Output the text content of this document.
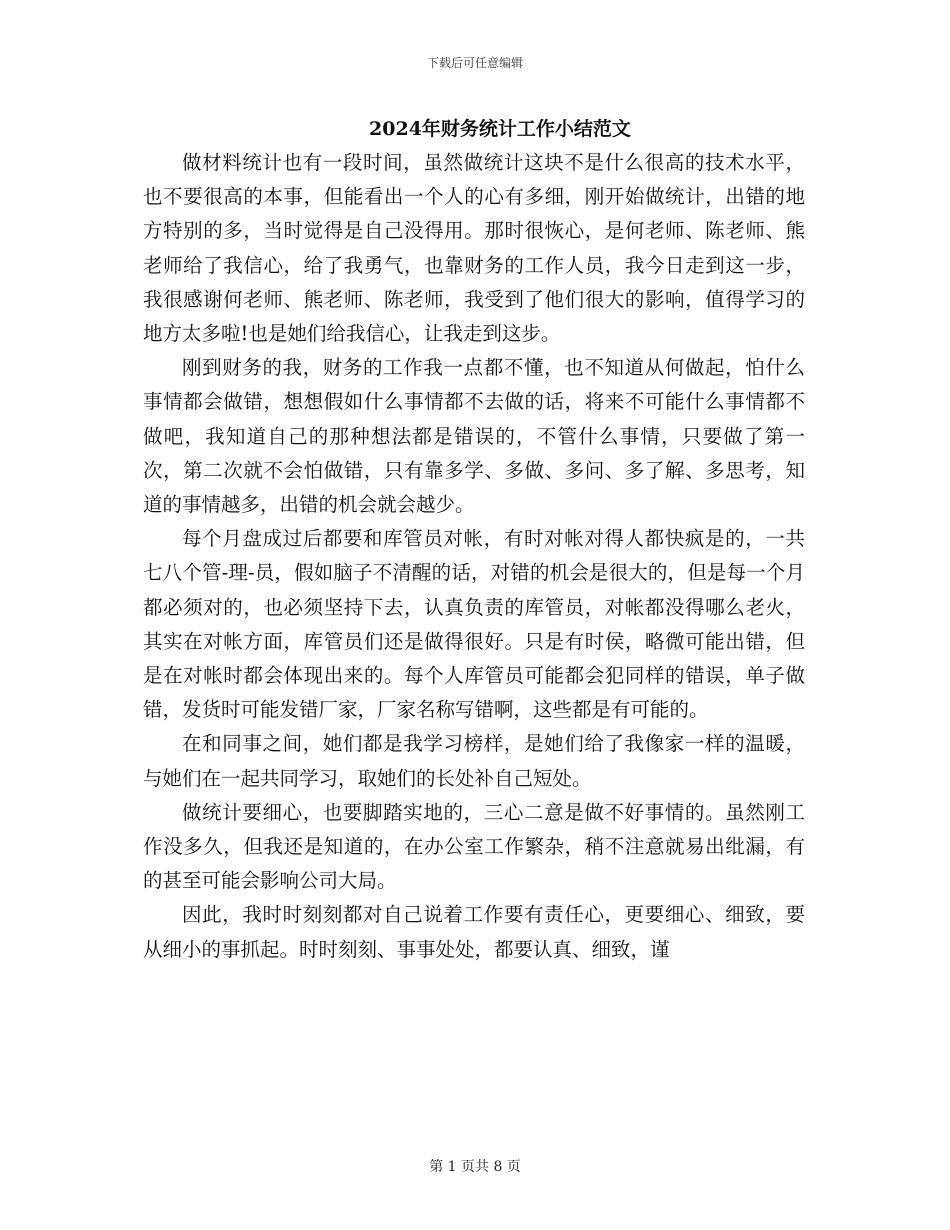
下载后可任意编辑
2024年财务统计工作小结范文

做材料统计也有一段时间，虽然做统计这块不是什么很高的技术水平，也不要很高的本事，但能看出一个人的心有多细，刚开始做统计，出错的地方特别的多，当时觉得是自己没得用。那时很恢心，是何老师、陈老师、熊老师给了我信心，给了我勇气，也靠财务的工作人员，我今日走到这一步，我很感谢何老师、熊老师、陈老师，我受到了他们很大的影响，值得学习的地方太多啦!也是她们给我信心，让我走到这步。

刚到财务的我，财务的工作我一点都不懂，也不知道从何做起，怕什么事情都会做错，想想假如什么事情都不去做的话，将来不可能什么事情都不做吧，我知道自己的那种想法都是错误的，不管什么事情，只要做了第一次，第二次就不会怕做错，只有靠多学、多做、多问、多了解、多思考，知道的事情越多，出错的机会就会越少。

每个月盘成过后都要和库管员对帐，有时对帐对得人都快疯是的，一共七八个管-理-员，假如脑子不清醒的话，对错的机会是很大的，但是每一个月都必须对的，也必须坚持下去，认真负责的库管员，对帐都没得哪么老火，其实在对帐方面，库管员们还是做得很好。只是有时侯，略微可能出错，但是在对帐时都会体现出来的。每个人库管员可能都会犯同样的错误，单子做错，发货时可能发错厂家，厂家名称写错啊，这些都是有可能的。

在和同事之间，她们都是我学习榜样，是她们给了我像家一样的温暖，与她们在一起共同学习，取她们的长处补自己短处。

做统计要细心，也要脚踏实地的，三心二意是做不好事情的。虽然刚工作没多久，但我还是知道的，在办公室工作繁杂，稍不注意就易出纰漏，有的甚至可能会影响公司大局。

因此，我时时刻刻都对自己说着工作要有责任心，更要细心、细致，要从细小的事抓起。时时刻刻、事事处处，都要认真、细致，谨

第 1 页共 8 页
